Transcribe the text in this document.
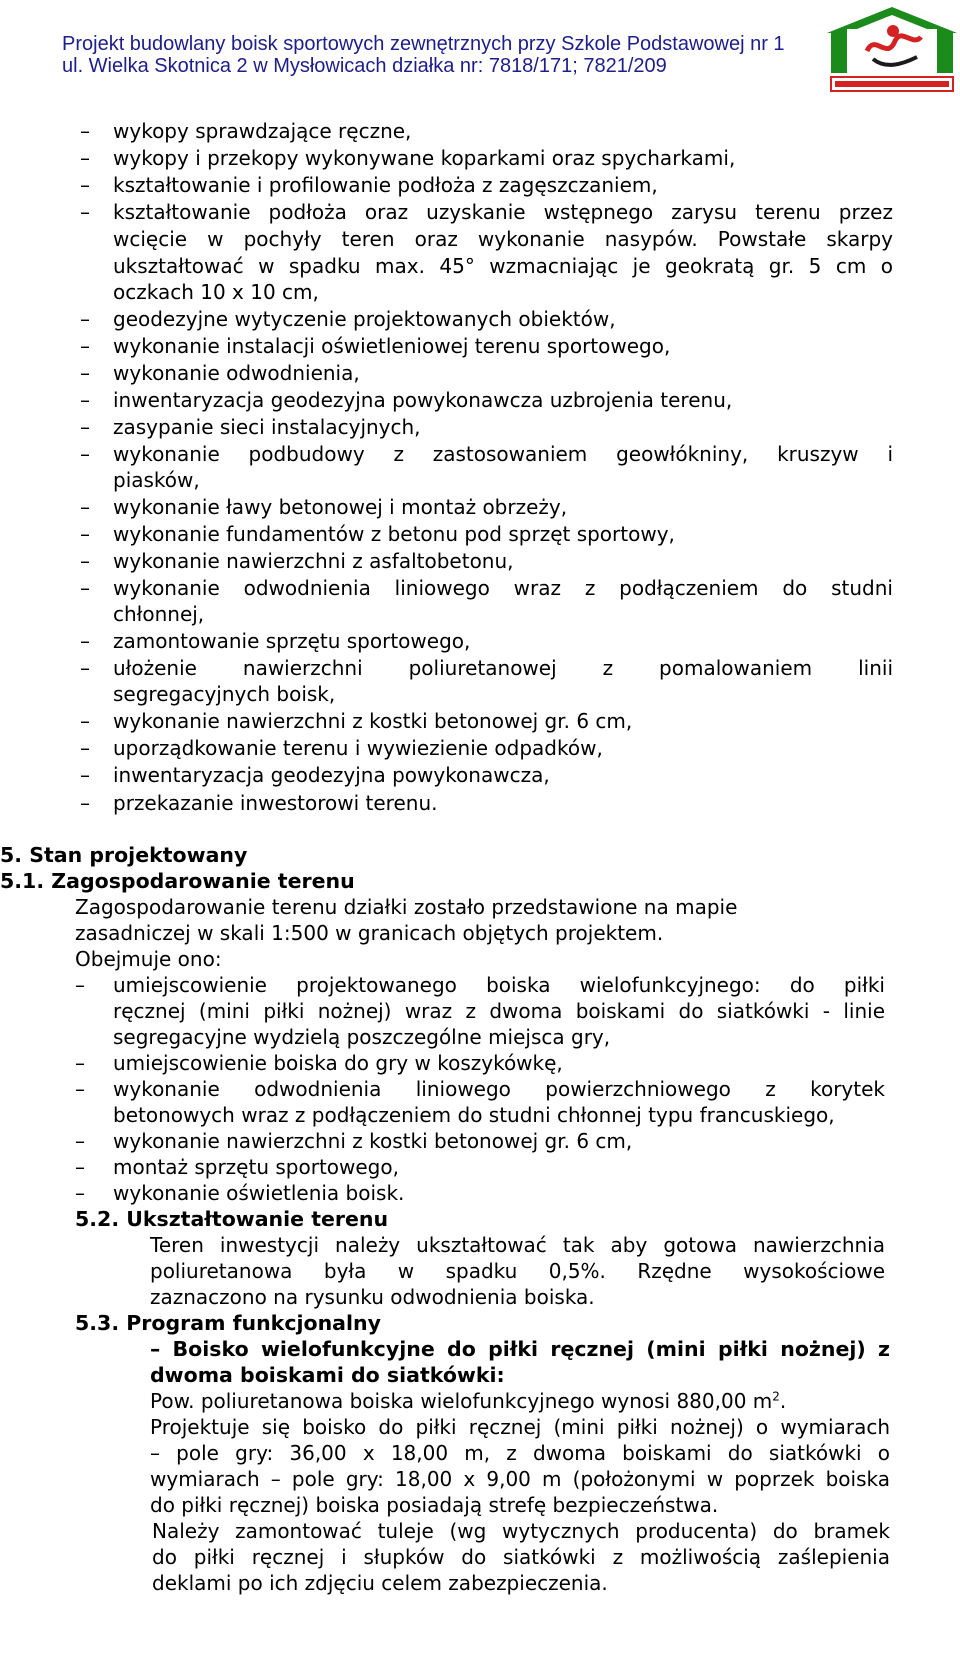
Projekt budowlany boisk sportowych zewnętrznych przy Szkole Podstawowej nr 1
ul. Wielka Skotnica 2 w Mysłowicach działka nr: 7818/171; 7821/209
– wykopy sprawdzające ręczne,
– wykopy i przekopy wykonywane koparkami oraz spycharkami,
– kształtowanie i profilowanie podłoża z zagęszczaniem,
– kształtowanie podłoża oraz uzyskanie wstępnego zarysu terenu przez
wcięcie w pochyły teren oraz wykonanie nasypów. Powstałe skarpy
ukształtować w spadku max. 45° wzmacniając je geokratą gr. 5 cm o
oczkach 10 x 10 cm,
– geodezyjne wytyczenie projektowanych obiektów,
– wykonanie instalacji oświetleniowej terenu sportowego,
– wykonanie odwodnienia,
– inwentaryzacja geodezyjna powykonawcza uzbrojenia terenu,
– zasypanie sieci instalacyjnych,
– wykonanie podbudowy z zastosowaniem geowłókniny, kruszyw i
piasków,
– wykonanie ławy betonowej i montaż obrzeży,
– wykonanie fundamentów z betonu pod sprzęt sportowy,
– wykonanie nawierzchni z asfaltobetonu,
– wykonanie odwodnienia liniowego wraz z podłączeniem do studni
chłonnej,
– zamontowanie sprzętu sportowego,
– ułożenie nawierzchni poliuretanowej z pomalowaniem linii
segregacyjnych boisk,
– wykonanie nawierzchni z kostki betonowej gr. 6 cm,
– uporządkowanie terenu i wywiezienie odpadków,
– inwentaryzacja geodezyjna powykonawcza,
– przekazanie inwestorowi terenu.
5. Stan projektowany
5.1. Zagospodarowanie terenu
Zagospodarowanie terenu działki zostało przedstawione na mapie
zasadniczej w skali 1:500 w granicach objętych projektem.
Obejmuje ono:
– umiejscowienie projektowanego boiska wielofunkcyjnego: do piłki
ręcznej (mini piłki nożnej) wraz z dwoma boiskami do siatkówki - linie
segregacyjne wydzielą poszczególne miejsca gry,
– umiejscowienie boiska do gry w koszykówkę,
– wykonanie odwodnienia liniowego powierzchniowego z korytek
betonowych wraz z podłączeniem do studni chłonnej typu francuskiego,
– wykonanie nawierzchni z kostki betonowej gr. 6 cm,
– montaż sprzętu sportowego,
– wykonanie oświetlenia boisk.
5.2. Ukształtowanie terenu
Teren inwestycji należy ukształtować tak aby gotowa nawierzchnia
poliuretanowa była w spadku 0,5%. Rzędne wysokościowe
zaznaczono na rysunku odwodnienia boiska.
5.3. Program funkcjonalny
– Boisko wielofunkcyjne do piłki ręcznej (mini piłki nożnej) z
dwoma boiskami do siatkówki:
Pow. poliuretanowa boiska wielofunkcyjnego wynosi 880,00 $m^2$.
Projektuje się boisko do piłki ręcznej (mini piłki nożnej) o wymiarach
– pole gry: 36,00 x 18,00 m, z dwoma boiskami do siatkówki o
wymiarach – pole gry: 18,00 x 9,00 m (położonymi w poprzek boiska
do piłki ręcznej) boiska posiadają strefę bezpieczeństwa.
Należy zamontować tuleje (wg wytycznych producenta) do bramek
do piłki ręcznej i słupków do siatkówki z możliwością zaślepienia
deklami po ich zdjęciu celem zabezpieczenia.
